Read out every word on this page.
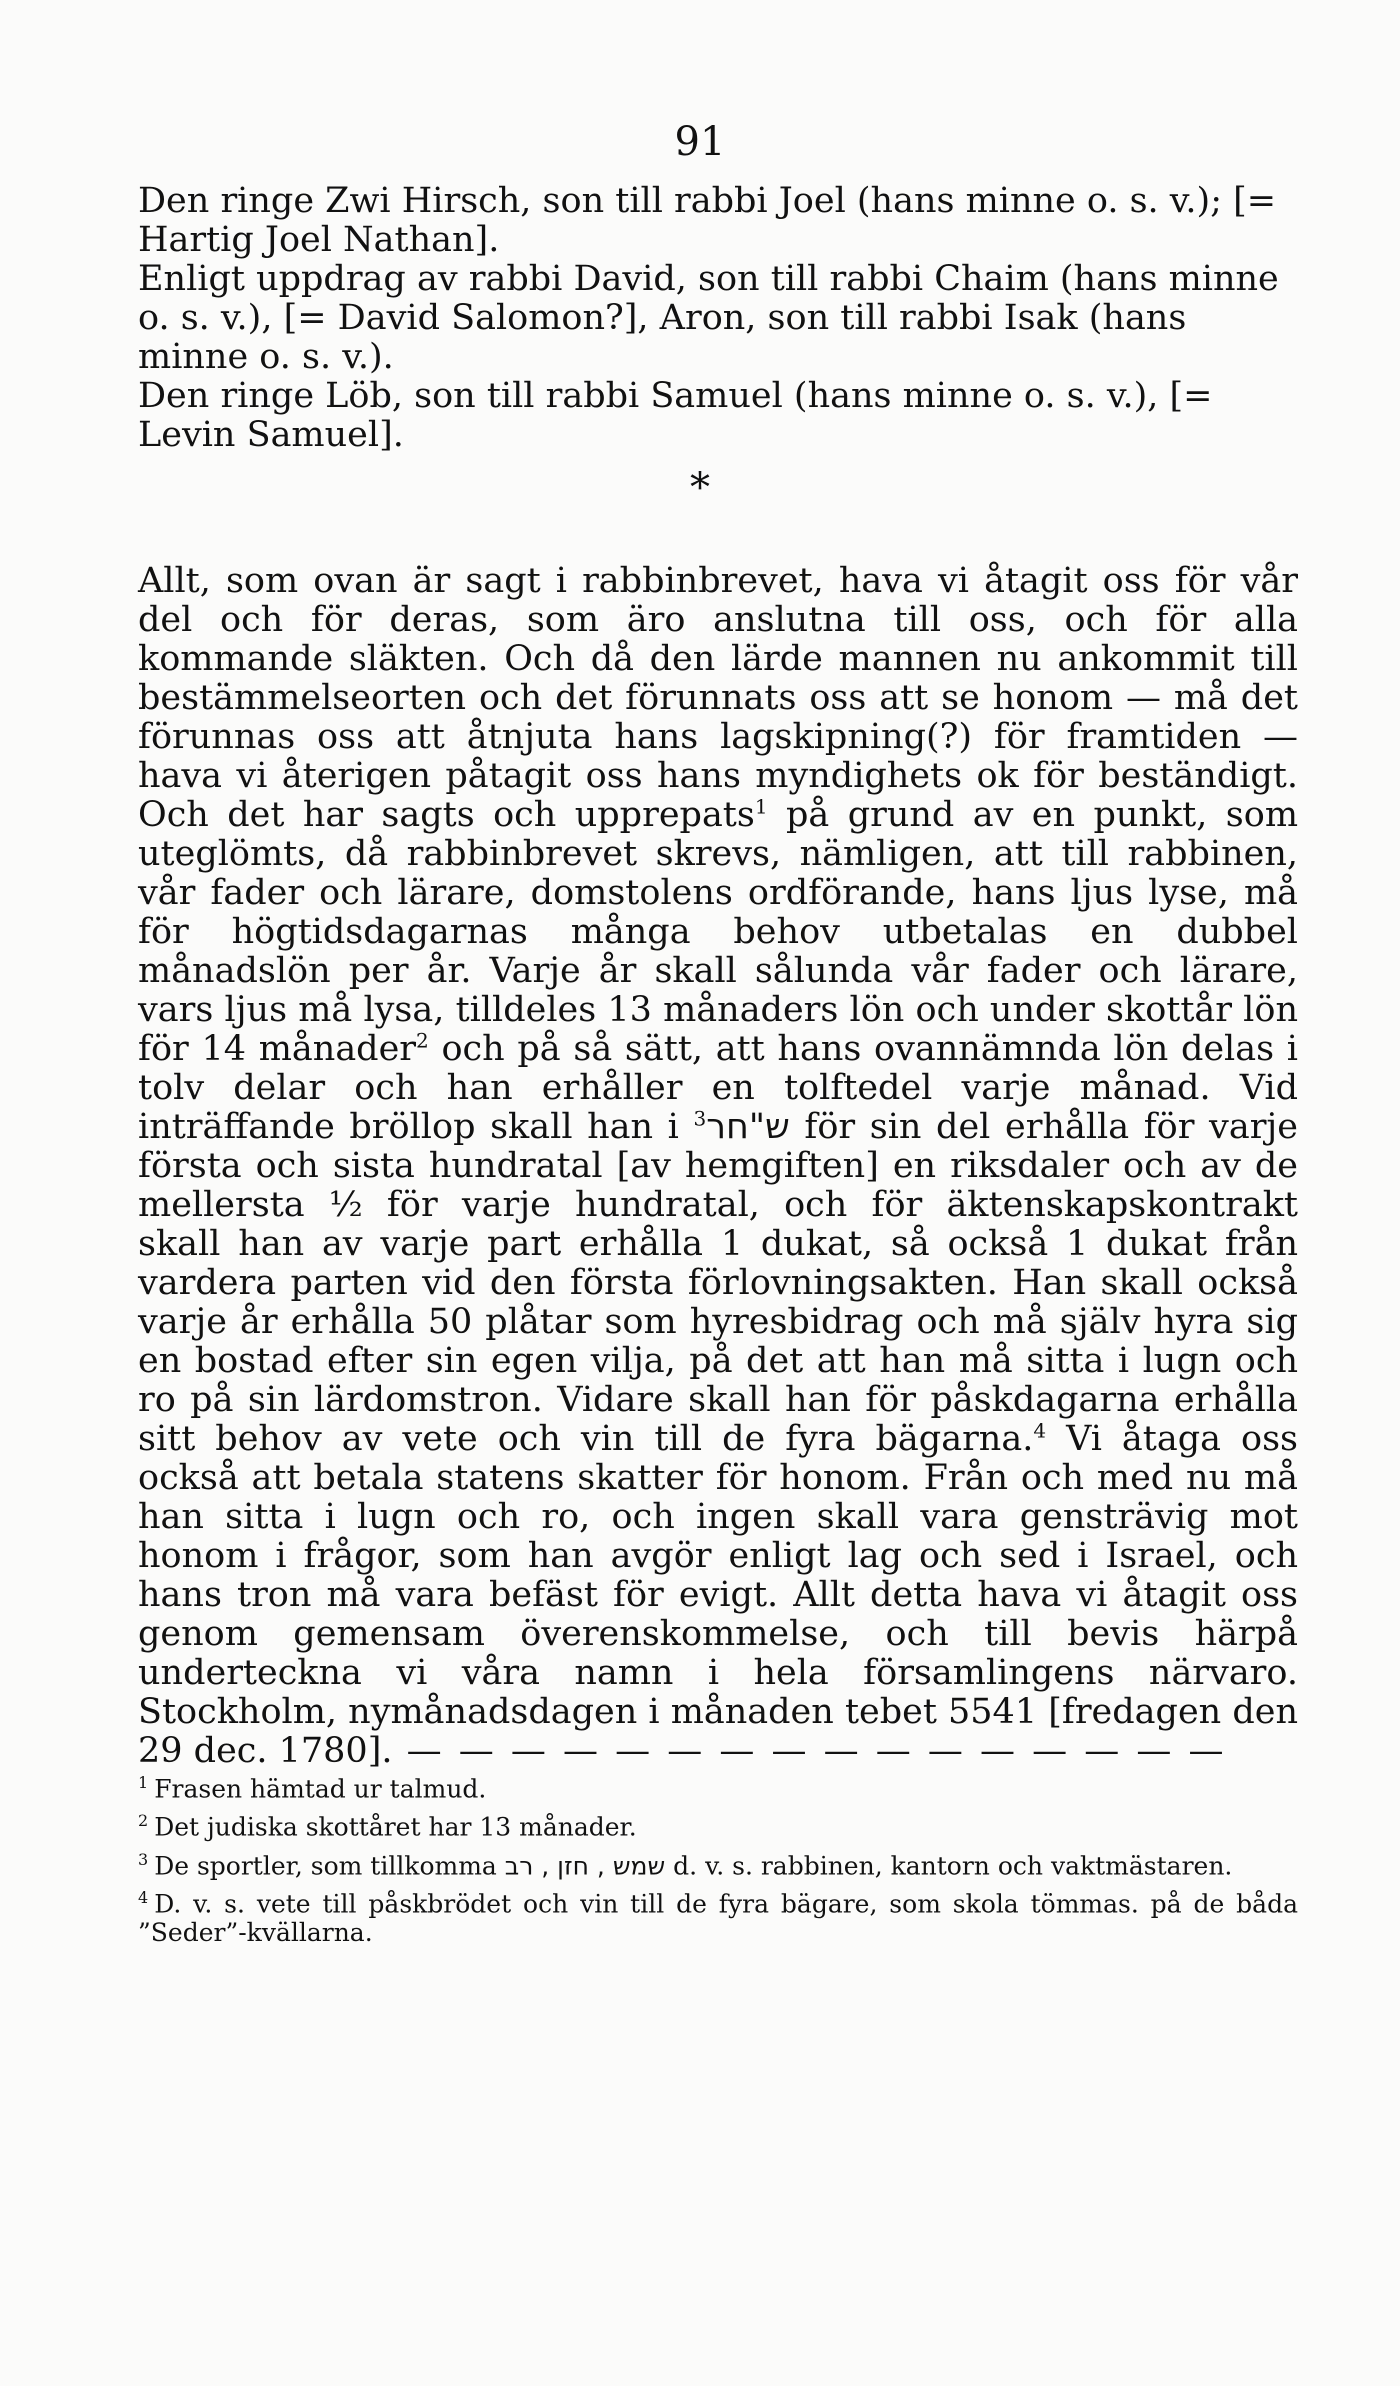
91

Den ringe Zwi Hirsch, son till rabbi Joel (hans minne o. s. v.); [= Hartig Joel Nathan].

Enligt uppdrag av rabbi David, son till rabbi Chaim (hans minne o. s. v.), [= David Salomon?], Aron, son till rabbi Isak (hans minne o. s. v.).

Den ringe Löb, son till rabbi Samuel (hans minne o. s. v.), [= Levin Samuel].

*

Allt, som ovan är sagt i rabbinbrevet, hava vi åtagit oss för vår del och för deras, som äro anslutna till oss, och för alla kommande släkten. Och då den lärde mannen nu ankommit till bestämmelseorten och det förunnats oss att se honom — må det förunnas oss att åtnjuta hans lagskipning(?) för framtiden — hava vi återigen påtagit oss hans myndighets ok för beständigt. Och det har sagts och upprepats$^1$ på grund av en punkt, som uteglömts, då rabbinbrevet skrevs, nämligen, att till rabbinen, vår fader och lärare, domstolens ordförande, hans ljus lyse, må för högtidsdagarnas många behov utbetalas en dubbel månadslön per år. Varje år skall sålunda vår fader och lärare, vars ljus må lysa, tilldeles 13 månaders lön och under skottår lön för 14 månader$^2$ och på så sätt, att hans ovannämnda lön delas i tolv delar och han erhåller en tolftedel varje månad. Vid inträffande bröllop skall han i ש"חר$^3$ för sin del erhålla för varje första och sista hundratal [av hemgiften] en riksdaler och av de mellersta ½ för varje hundratal, och för äktenskapskontrakt skall han av varje part erhålla 1 dukat, så också 1 dukat från vardera parten vid den första förlovningsakten. Han skall också varje år erhålla 50 plåtar som hyresbidrag och må själv hyra sig en bostad efter sin egen vilja, på det att han må sitta i lugn och ro på sin lärdomstron. Vidare skall han för påskdagarna erhålla sitt behov av vete och vin till de fyra bägarna.$^4$ Vi åtaga oss också att betala statens skatter för honom. Från och med nu må han sitta i lugn och ro, och ingen skall vara gensträvig mot honom i frågor, som han avgör enligt lag och sed i Israel, och hans tron må vara befäst för evigt. Allt detta hava vi åtagit oss genom gemensam överenskommelse, och till bevis härpå underteckna vi våra namn i hela församlingens närvaro. Stockholm, nymånadsdagen i månaden tebet 5541 [fredagen den 29 dec. 1780]. — — — — — — — — — — — — — — — —

$^1$ Frasen hämtad ur talmud.

$^2$ Det judiska skottåret har 13 månader.

$^3$ De sportler, som tillkomma שמש , חזן , רב d. v. s. rabbinen, kantorn och vaktmästaren.

$^4$ D. v. s. vete till påskbrödet och vin till de fyra bägare, som skola tömmas. på de båda ”Seder”-kvällarna.
